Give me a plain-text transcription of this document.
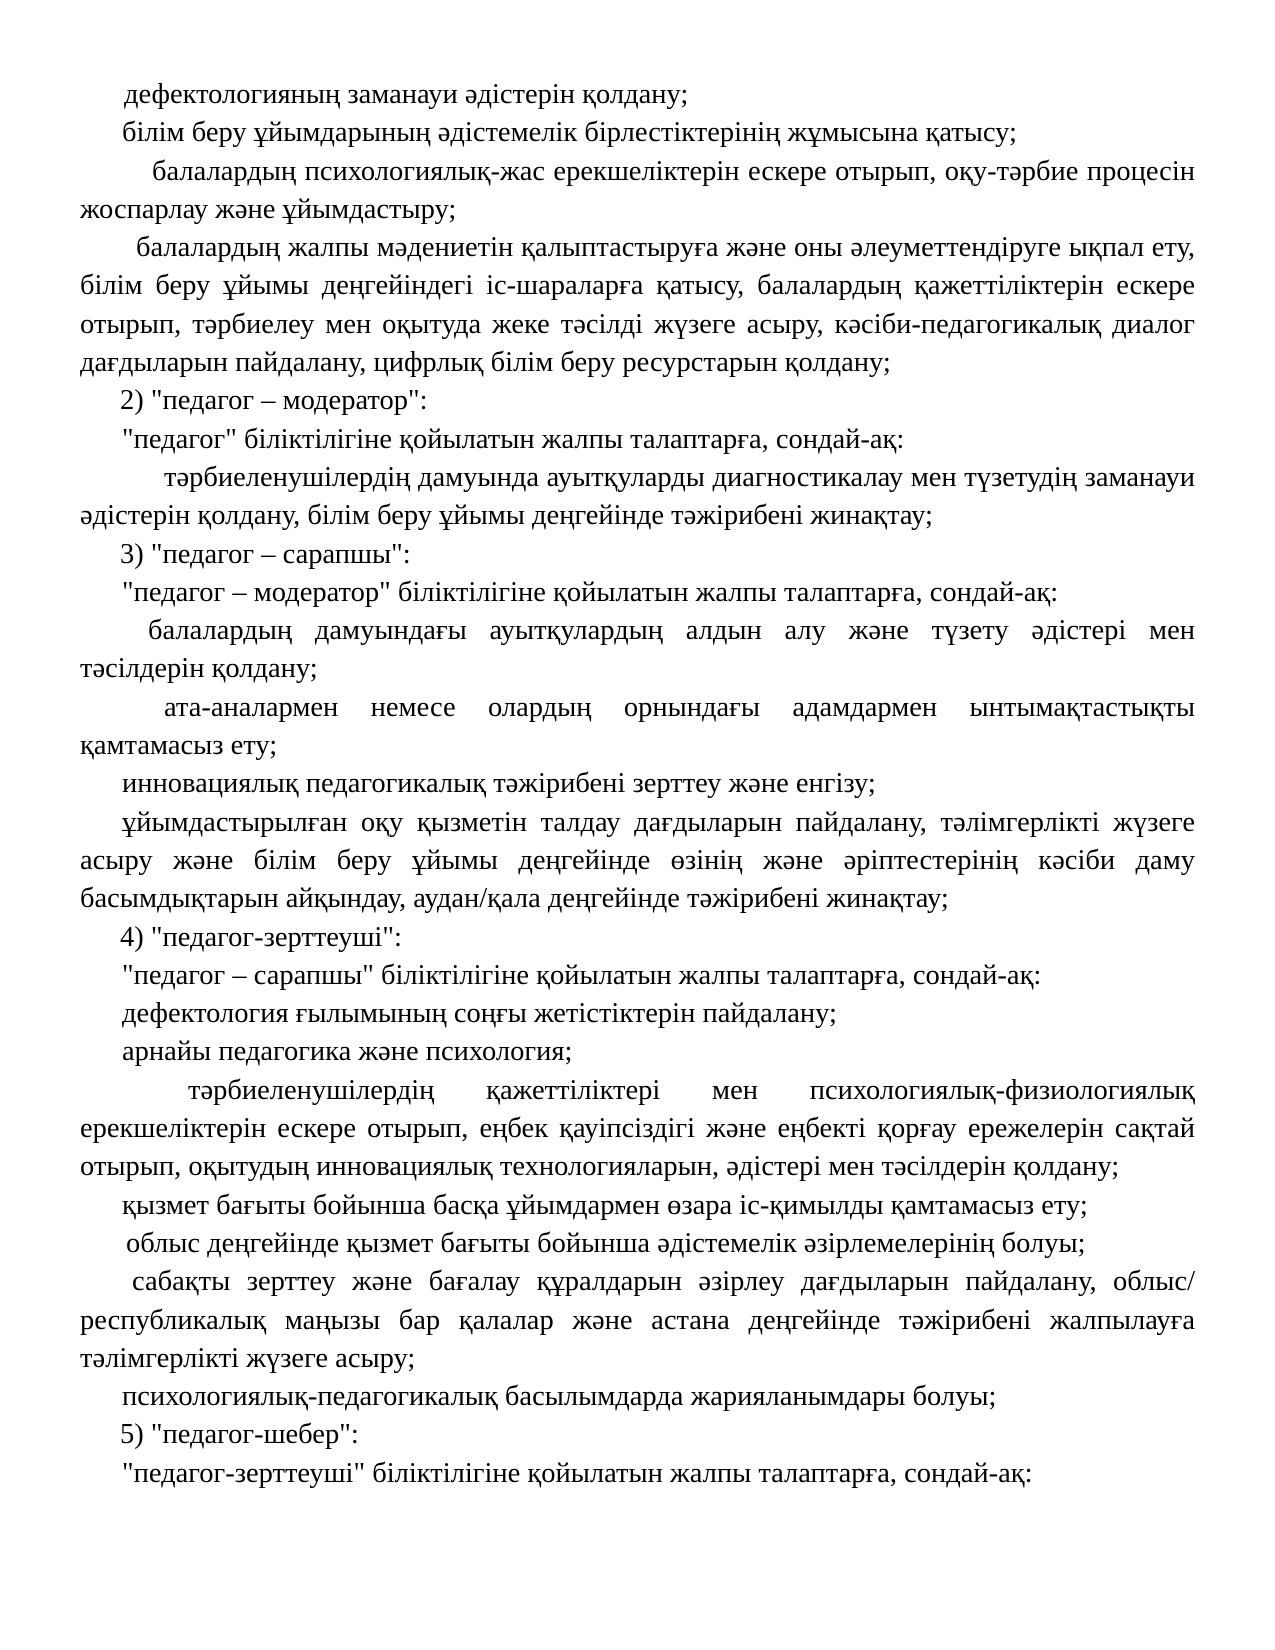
дефектологияның заманауи әдістерін қолдану;

білім беру ұйымдарының әдістемелік бірлестіктерінің жұмысына қатысу;

балалардың психологиялық-жас ерекшеліктерін ескере отырып, оқу-тәрбие процесін жоспарлау және ұйымдастыру;

балалардың жалпы мәдениетін қалыптастыруға және оны әлеуметтендіруге ықпал ету, білім беру ұйымы деңгейіндегі іс-шараларға қатысу, балалардың қажеттіліктерін ескере отырып, тәрбиелеу мен оқытуда жеке тәсілді жүзеге асыру, кәсіби-педагогикалық диалог дағдыларын пайдалану, цифрлық білім беру ресурстарын қолдану;

2) "педагог – модератор":

"педагог" біліктілігіне қойылатын жалпы талаптарға, сондай-ақ:

тәрбиеленушілердің дамуында ауытқуларды диагностикалау мен түзетудің заманауи әдістерін қолдану, білім беру ұйымы деңгейінде тәжірибені жинақтау;

3) "педагог – сарапшы":

"педагог – модератор" біліктілігіне қойылатын жалпы талаптарға, сондай-ақ:

балалардың дамуындағы ауытқулардың алдын алу және түзету әдістері мен тәсілдерін қолдану;

ата-аналармен немесе олардың орнындағы адамдармен ынтымақтастықты қамтамасыз ету;

инновациялық педагогикалық тәжірибені зерттеу және енгізу;

ұйымдастырылған оқу қызметін талдау дағдыларын пайдалану, тәлімгерлікті жүзеге асыру және білім беру ұйымы деңгейінде өзінің және әріптестерінің кәсіби даму басымдықтарын айқындау, аудан/қала деңгейінде тәжірибені жинақтау;

4) "педагог-зерттеуші":

"педагог – сарапшы" біліктілігіне қойылатын жалпы талаптарға, сондай-ақ:

дефектология ғылымының соңғы жетістіктерін пайдалану;

арнайы педагогика және психология;

тәрбиеленушілердің қажеттіліктері мен психологиялық-физиологиялық ерекшеліктерін ескере отырып, еңбек қауіпсіздігі және еңбекті қорғау ережелерін сақтай отырып, оқытудың инновациялық технологияларын, әдістері мен тәсілдерін қолдану;

қызмет бағыты бойынша басқа ұйымдармен өзара іс-қимылды қамтамасыз ету;

облыс деңгейінде қызмет бағыты бойынша әдістемелік әзірлемелерінің болуы;

сабақты зерттеу және бағалау құралдарын әзірлеу дағдыларын пайдалану, облыс/республикалық маңызы бар қалалар және астана деңгейінде тәжірибені жалпылауға тәлімгерлікті жүзеге асыру;

психологиялық-педагогикалық басылымдарда жарияланымдары болуы;

5) "педагог-шебер":

"педагог-зерттеуші" біліктілігіне қойылатын жалпы талаптарға, сондай-ақ:
